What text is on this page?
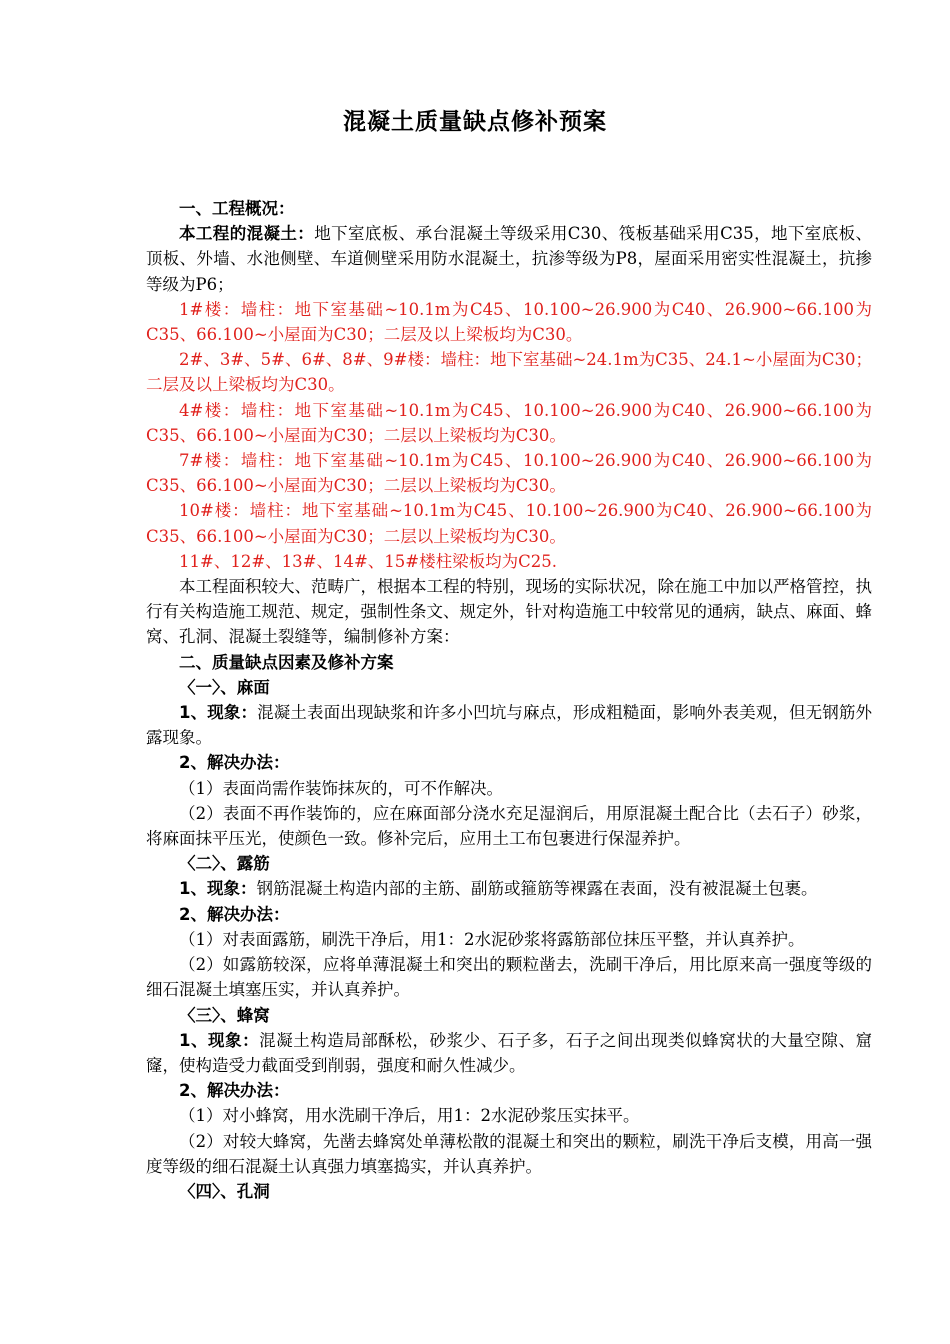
混凝土质量缺点修补预案

一、工程概况：

本工程的混凝土：地下室底板、承台混凝土等级采用C30、筏板基础采用C35，地下室底板、顶板、外墙、水池侧壁、车道侧壁采用防水混凝土，抗渗等级为P8，屋面采用密实性混凝土，抗掺等级为P6；

1#楼：墙柱：地下室基础~10.1m为C45、10.100~26.900为C40、26.900~66.100为C35、66.100~小屋面为C30；二层及以上梁板均为C30。

2#、3#、5#、6#、8#、9#楼：墙柱：地下室基础~24.1m为C35、24.1~小屋面为C30；二层及以上梁板均为C30。

4#楼：墙柱：地下室基础~10.1m为C45、10.100~26.900为C40、26.900~66.100为C35、66.100~小屋面为C30；二层以上梁板均为C30。

7#楼：墙柱：地下室基础~10.1m为C45、10.100~26.900为C40、26.900~66.100为C35、66.100~小屋面为C30；二层以上梁板均为C30。

10#楼：墙柱：地下室基础~10.1m为C45、10.100~26.900为C40、26.900~66.100为C35、66.100~小屋面为C30；二层以上梁板均为C30。

11#、12#、13#、14#、15#楼柱梁板均为C25.

本工程面积较大、范畴广，根据本工程的特别，现场的实际状况，除在施工中加以严格管控，执行有关构造施工规范、规定，强制性条文、规定外，针对构造施工中较常见的通病，缺点、麻面、蜂窝、孔洞、混凝土裂缝等，编制修补方案：

二、质量缺点因素及修补方案

〈一〉、麻面

1、现象：混凝土表面出现缺浆和许多小凹坑与麻点，形成粗糙面，影响外表美观，但无钢筋外露现象。

2、解决办法：

（1）表面尚需作装饰抹灰的，可不作解决。

（2）表面不再作装饰的，应在麻面部分浇水充足湿润后，用原混凝土配合比（去石子）砂浆，将麻面抹平压光，使颜色一致。修补完后，应用土工布包裹进行保湿养护。

〈二〉、露筋

1、现象：钢筋混凝土构造内部的主筋、副筋或箍筋等裸露在表面，没有被混凝土包裹。

2、解决办法：

（1）对表面露筋，刷洗干净后，用1：2水泥砂浆将露筋部位抹压平整，并认真养护。

（2）如露筋较深，应将单薄混凝土和突出的颗粒凿去，洗刷干净后，用比原来高一强度等级的细石混凝土填塞压实，并认真养护。

〈三〉、蜂窝

1、现象：混凝土构造局部酥松，砂浆少、石子多，石子之间出现类似蜂窝状的大量空隙、窟窿，使构造受力截面受到削弱，强度和耐久性减少。

2、解决办法：

（1）对小蜂窝，用水洗刷干净后，用1：2水泥砂浆压实抹平。

（2）对较大蜂窝，先凿去蜂窝处单薄松散的混凝土和突出的颗粒，刷洗干净后支模，用高一强度等级的细石混凝土认真强力填塞捣实，并认真养护。

〈四〉、孔洞
